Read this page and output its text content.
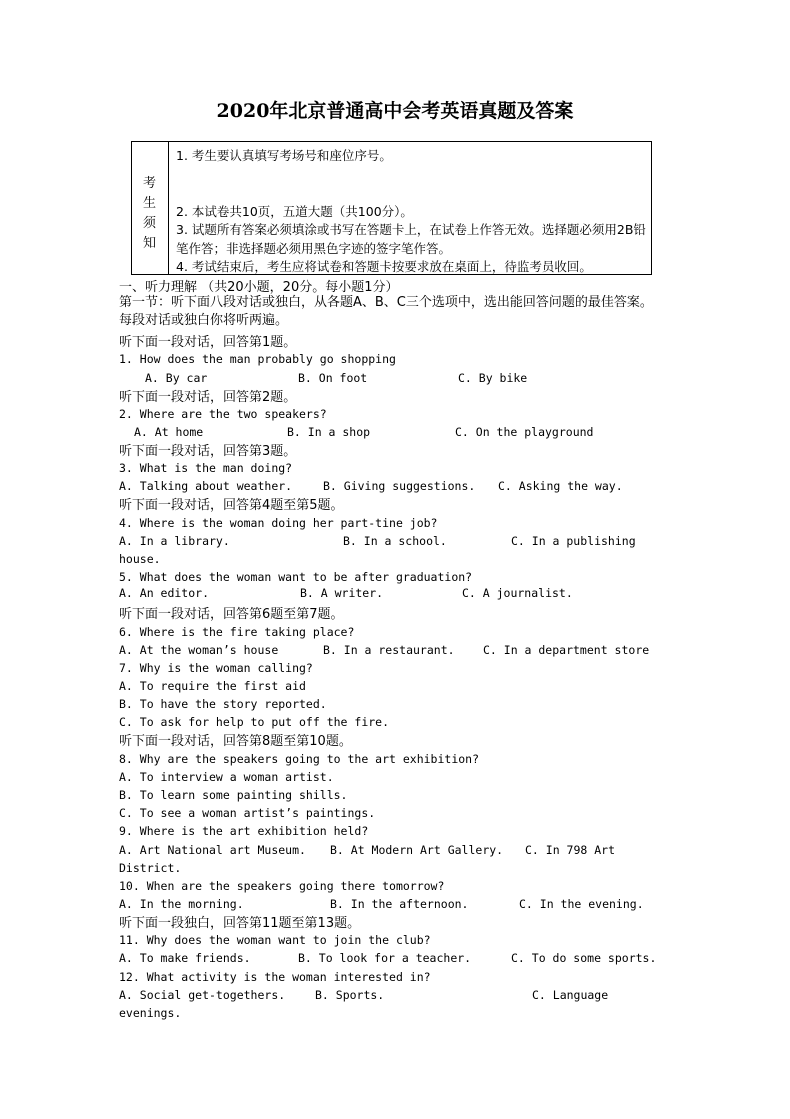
2020年北京普通高中会考英语真题及答案
考
生
须
知
1. 考生要认真填写考场号和座位序号。
2. 本试卷共10页，五道大题（共100分）。
3. 试题所有答案必须填涂或书写在答题卡上，在试卷上作答无效。选择题必须用2B铅笔作答；非选择题必须用黑色字迹的签字笔作答。
4. 考试结束后，考生应将试卷和答题卡按要求放在桌面上，待监考员收回。
一、听力理解 （共20小题，20分。每小题1分）
第一节：听下面八段对话或独白，从各题A、B、C三个选项中，选出能回答问题的最佳答案。每段对话或独白你将听两遍。
听下面一段对话，回答第1题。
1. How does the man probably go shopping
A. By car	B. On foot	C. By bike
听下面一段对话，回答第2题。
2. Where are the two speakers?
A. At home	B. In a shop	C. On the playground
听下面一段对话，回答第3题。
3. What is the man doing?
A. Talking about weather.	B. Giving suggestions. C. Asking the way.
听下面一段对话，回答第4题至第5题。
4. Where is the woman doing her part-tine job?
A. In a library.	B. In a school.	C. In a publishing
house.
5. What does the woman want to be after graduation?
A. An editor.	B. A writer.	C. A journalist.
听下面一段对话，回答第6题至第7题。
6. Where is the fire taking place?
A. At the woman’s house	B. In a restaurant. C. In a department store
7. Why is the woman calling?
A. To require the first aid
B. To have the story reported.
C. To ask for help to put off the fire.
听下面一段对话，回答第8题至第10题。
8. Why are the speakers going to the art exhibition?
A. To interview a woman artist.
B. To learn some painting shills.
C. To see a woman artist’s paintings.
9. Where is the art exhibition held?
A. Art National art Museum. B. At Modern Art Gallery. C. In 798 Art
District.
10. When are the speakers going there tomorrow?
A. In the morning.	B. In the afternoon.	C. In the evening.
听下面一段独白，回答第11题至第13题。
11. Why does the woman want to join the club?
A. To make friends.	B. To look for a teacher.	C. To do some sports.
12. What activity is the woman interested in?
A. Social get-togethers.	B. Sports.	C. Language
evenings.
